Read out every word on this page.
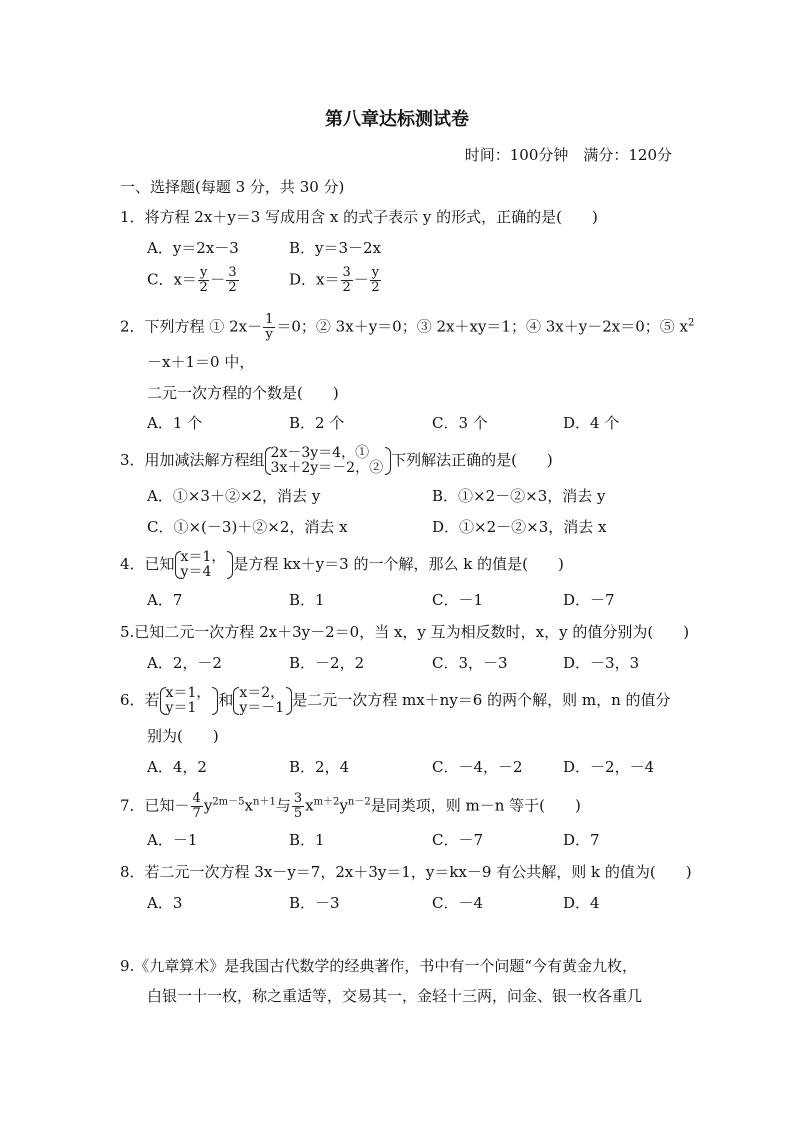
第八章达标测试卷
时间：100分钟　满分：120分
一、选择题(每题 3 分，共 30 分)
1．将方程 2x＋y＝3 写成用含 x 的式子表示 y 的形式，正确的是(　　)
A．y＝2x－3	B．y＝3－2x
C．$x= \frac{y}{2} - \frac{3}{2}$	D．$x= \frac{3}{2} - \frac{y}{2}$
2．下列方程 ① $2x- \frac{1}{y} =0$；② 3x＋y＝0；③ 2x＋xy＝1；④ 3x＋y－2x＝0；⑤ $x^2$
－x＋1＝0 中，
二元一次方程的个数是(　　)
A．1 个	B．2 个	C．3 个	D．4 个
3．用加减法解方程组 2x－3y＝4，①
3x＋2y＝－2，② 下列解法正确的是(　　)
A．①×3＋②×2，消去 y	B．①×2－②×3，消去 y
C．①×(－3)＋②×2，消去 x	D．①×2－②×3，消去 x
4．已知 x＝1，
y＝4	是方程 kx＋y＝3 的一个解，那么 k 的值是(　　)
A．7	B．1	C．－1	D．－7
5.已知二元一次方程 2x＋3y－2＝0，当 x，y 互为相反数时，x，y 的值分别为(　　)
A．2，－2	B．－2，2	C．3，－3	D．－3，3
6．若 x＝1，
y＝1	和 x＝2，
y＝－1 是二元一次方程 mx＋ny＝6 的两个解，则 m，n 的值分
别为(　　)
A．4，2	B．2，4	C．－4，－2	D．－2，－4
7．已知－ $\frac{4}{7} y^{2m-5}x^{n+1}$与 $\frac{3}{5} x^{m+2}y^{n-2}$是同类项，则 m－n 等于(　　)
A．－1	B．1	C．－7	D．7
8．若二元一次方程 3x－y＝7，2x＋3y＝1，y＝kx－9 有公共解，则 k 的值为(　　)
A．3	B．－3	C．－4	D．4
9.《九章算术》是我国古代数学的经典著作，书中有一个问题“今有黄金九枚，
白银一十一枚，称之重适等，交易其一，金轻十三两，问金、银一枚各重几
